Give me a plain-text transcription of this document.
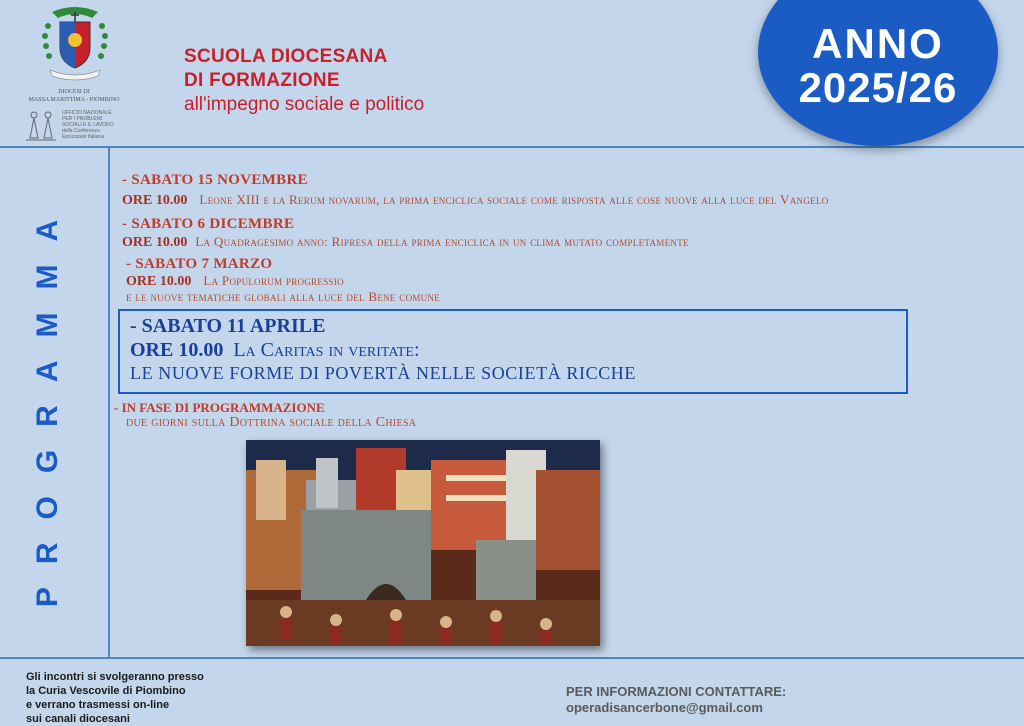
DIOCESI DI
MASSA MARITTIMA - PIOMBINO
UFFICIO NAZIONALE PER I PROBLEMI SOCIALI E IL LAVORO della Conferenza Episcopale Italiana
SCUOLA DIOCESANA
DI FORMAZIONE
all'impegno sociale e politico
ANNO
2025/26
PROGRAMMA
- SABATO 15 NOVEMBRE
ORE 10.00 Leone XIII e la Rerum novarum, la prima enciclica sociale come risposta alle cose nuove alla luce del Vangelo
- SABATO 6 DICEMBRE
ORE 10.00 La Quadragesimo anno: Ripresa della prima enciclica in un clima mutato completamente
- SABATO 7 MARZO
ORE 10.00 La Populorum progressio
e le nuove tematiche globali alla luce del Bene comune
- SABATO 11 APRILE
ORE 10.00 La Caritas in veritate:
LE NUOVE FORME DI POVERTÀ NELLE SOCIETÀ RICCHE
- IN FASE DI PROGRAMMAZIONE
due giorni sulla Dottrina sociale della Chiesa
Gli incontri si svolgeranno presso
la Curia Vescovile di Piombino
e verrano trasmessi on-line
sui canali diocesani
PER INFORMAZIONI CONTATTARE:
operadisancerbone@gmail.com
